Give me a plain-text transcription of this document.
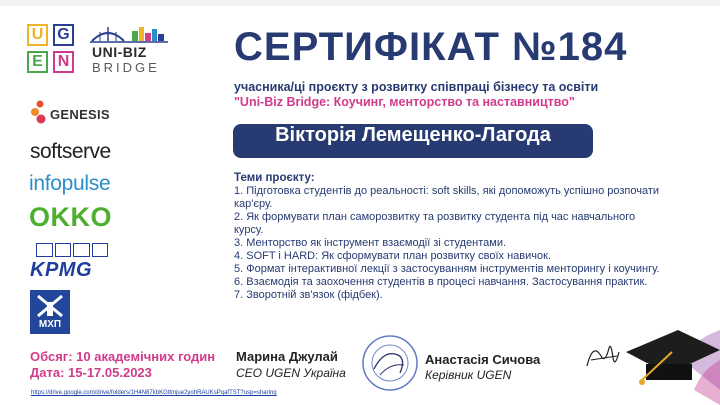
U G
E N
UNI-BIZ
BRIDGE
GENESIS
softserve
infopulse
OKKO
KPMG
МХП
СЕРТИФІКАТ №184
учасника/ці проєкту з розвитку співпраці бізнесу та освіти
"Uni-Biz Bridge: Коучинг, менторство та наставництво"
Вікторія Лемещенко-Лагода
Теми проєкту:
1. Підготовка студентів до реальності: soft skills, які допоможуть успішно розпочати
кар'єру.
2. Як формувати план саморозвитку та розвитку студента під час навчального
курсу.
3. Менторство як інструмент взаємодії зі студентами.
4. SOFT і HARD: Як сформувати план розвитку своїх навичок.
5. Формат інтерактивної лекції з застосуванням інструментів менторингу і коучингу.
6. Взаємодія та заохочення студентів в процесі навчання. Застосування практик.
7. Зворотній зв'язок (фідбек).
Обсяг: 10 академічних годин
Дата: 15-17.05.2023
https://drive.google.com/drive/folders/1H4N87kbKGttmjue2yohRAUKsPqafTST?usp=sharing
Марина Джулай
CEO UGEN Україна
Анастасія Сичова
Керівник UGEN
